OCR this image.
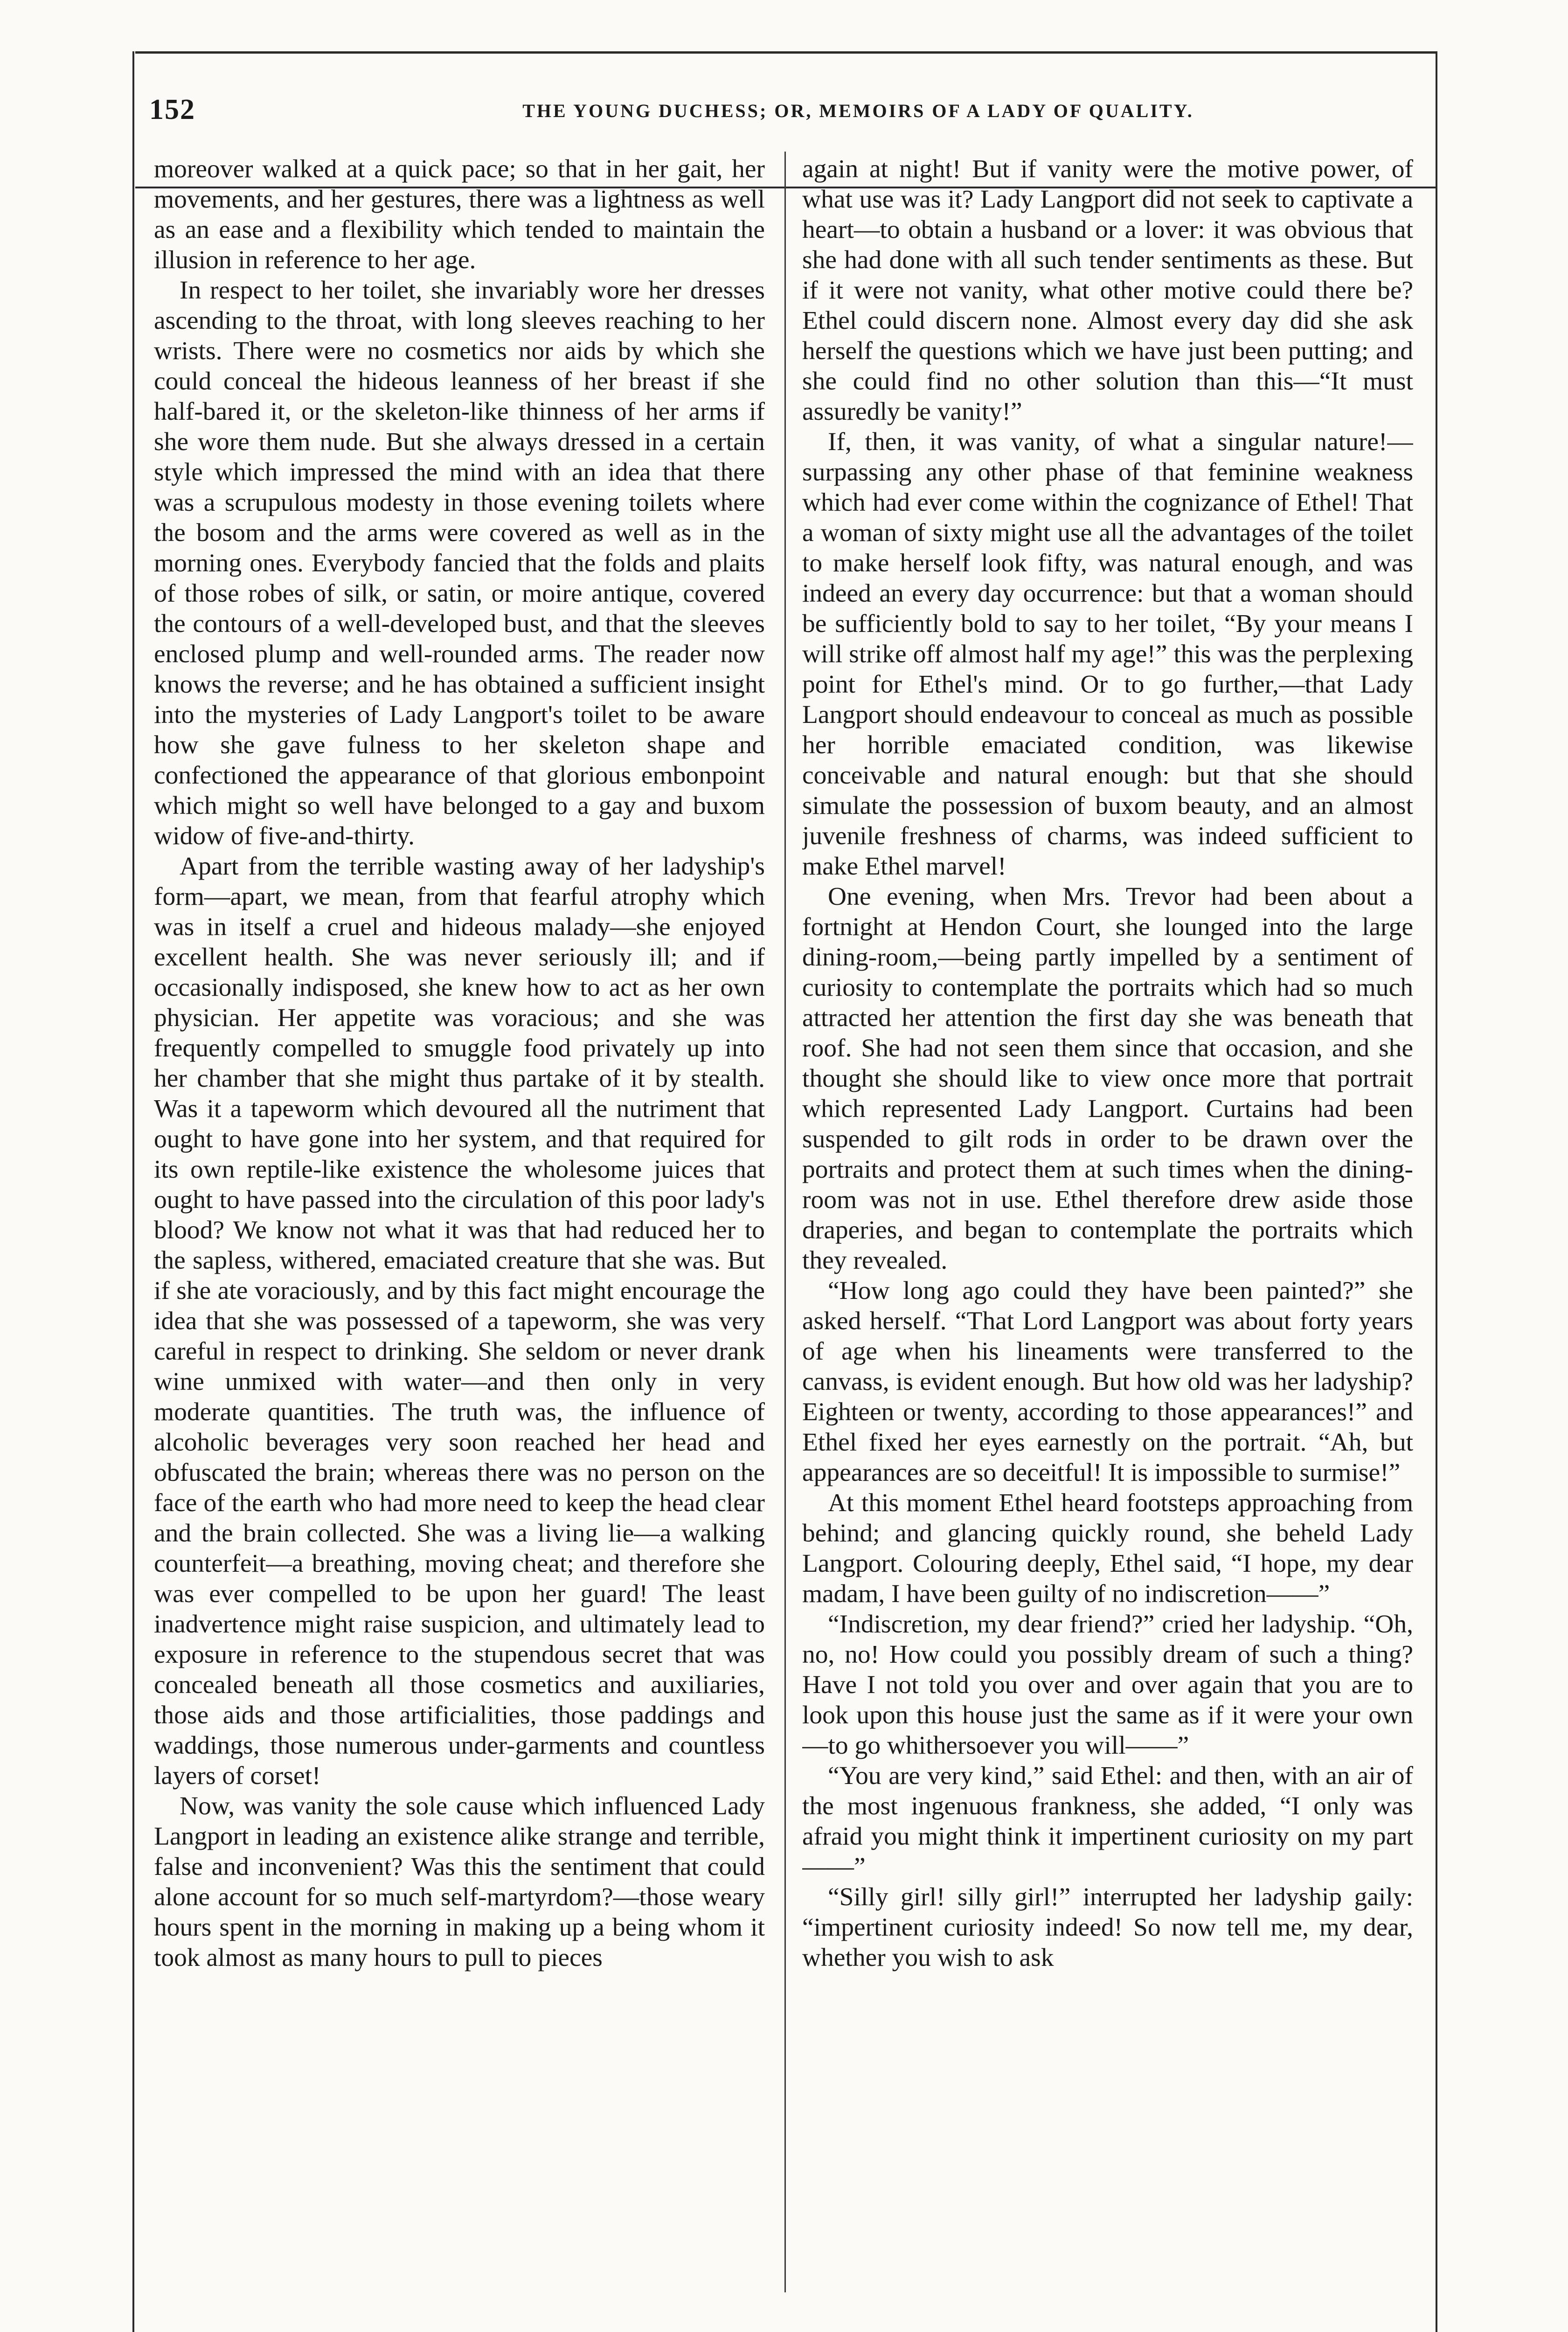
152	THE YOUNG DUCHESS; OR, MEMOIRS OF A LADY OF QUALITY.

moreover walked at a quick pace; so that in her gait, her movements, and her gestures, there was a lightness as well as an ease and a flexibility which tended to maintain the illusion in reference to her age.

In respect to her toilet, she invariably wore her dresses ascending to the throat, with long sleeves reaching to her wrists. There were no cosmetics nor aids by which she could conceal the hideous leanness of her breast if she half-bared it, or the skeleton-like thinness of her arms if she wore them nude. But she always dressed in a certain style which impressed the mind with an idea that there was a scrupulous modesty in those evening toilets where the bosom and the arms were covered as well as in the morning ones. Everybody fancied that the folds and plaits of those robes of silk, or satin, or moire antique, covered the contours of a well-developed bust, and that the sleeves enclosed plump and well-rounded arms. The reader now knows the reverse; and he has obtained a sufficient insight into the mysteries of Lady Langport's toilet to be aware how she gave fulness to her skeleton shape and confectioned the appearance of that glorious embonpoint which might so well have belonged to a gay and buxom widow of five-and-thirty.

Apart from the terrible wasting away of her ladyship's form—apart, we mean, from that fearful atrophy which was in itself a cruel and hideous malady—she enjoyed excellent health. She was never seriously ill; and if occasionally indisposed, she knew how to act as her own physician. Her appetite was voracious; and she was frequently compelled to smuggle food privately up into her chamber that she might thus partake of it by stealth. Was it a tapeworm which devoured all the nutriment that ought to have gone into her system, and that required for its own reptile-like existence the wholesome juices that ought to have passed into the circulation of this poor lady's blood? We know not what it was that had reduced her to the sapless, withered, emaciated creature that she was. But if she ate voraciously, and by this fact might encourage the idea that she was possessed of a tapeworm, she was very careful in respect to drinking. She seldom or never drank wine unmixed with water—and then only in very moderate quantities. The truth was, the influence of alcoholic beverages very soon reached her head and obfuscated the brain; whereas there was no person on the face of the earth who had more need to keep the head clear and the brain collected. She was a living lie—a walking counterfeit—a breathing, moving cheat; and therefore she was ever compelled to be upon her guard! The least inadvertence might raise suspicion, and ultimately lead to exposure in reference to the stupendous secret that was concealed beneath all those cosmetics and auxiliaries, those aids and those artificialities, those paddings and waddings, those numerous under-garments and countless layers of corset!

Now, was vanity the sole cause which influenced Lady Langport in leading an existence alike strange and terrible, false and inconvenient? Was this the sentiment that could alone account for so much self-martyrdom?—those weary hours spent in the morning in making up a being whom it took almost as many hours to pull to pieces

again at night! But if vanity were the motive power, of what use was it? Lady Langport did not seek to captivate a heart—to obtain a husband or a lover: it was obvious that she had done with all such tender sentiments as these. But if it were not vanity, what other motive could there be? Ethel could discern none. Almost every day did she ask herself the questions which we have just been putting; and she could find no other solution than this—“It must assuredly be vanity!”

If, then, it was vanity, of what a singular nature!—surpassing any other phase of that feminine weakness which had ever come within the cognizance of Ethel! That a woman of sixty might use all the advantages of the toilet to make herself look fifty, was natural enough, and was indeed an every day occurrence: but that a woman should be sufficiently bold to say to her toilet, “By your means I will strike off almost half my age!” this was the perplexing point for Ethel's mind. Or to go further,—that Lady Langport should endeavour to conceal as much as possible her horrible emaciated condition, was likewise conceivable and natural enough: but that she should simulate the possession of buxom beauty, and an almost juvenile freshness of charms, was indeed sufficient to make Ethel marvel!

One evening, when Mrs. Trevor had been about a fortnight at Hendon Court, she lounged into the large dining-room,—being partly impelled by a sentiment of curiosity to contemplate the portraits which had so much attracted her attention the first day she was beneath that roof. She had not seen them since that occasion, and she thought she should like to view once more that portrait which represented Lady Langport. Curtains had been suspended to gilt rods in order to be drawn over the portraits and protect them at such times when the dining-room was not in use. Ethel therefore drew aside those draperies, and began to contemplate the portraits which they revealed.

“How long ago could they have been painted?” she asked herself. “That Lord Langport was about forty years of age when his lineaments were transferred to the canvass, is evident enough. But how old was her ladyship? Eighteen or twenty, according to those appearances!” and Ethel fixed her eyes earnestly on the portrait. “Ah, but appearances are so deceitful! It is impossible to surmise!”

At this moment Ethel heard footsteps approaching from behind; and glancing quickly round, she beheld Lady Langport. Colouring deeply, Ethel said, “I hope, my dear madam, I have been guilty of no indiscretion——”

“Indiscretion, my dear friend?” cried her ladyship. “Oh, no, no! How could you possibly dream of such a thing? Have I not told you over and over again that you are to look upon this house just the same as if it were your own—to go whithersoever you will——”

“You are very kind,” said Ethel: and then, with an air of the most ingenuous frankness, she added, “I only was afraid you might think it impertinent curiosity on my part——”

“Silly girl! silly girl!” interrupted her ladyship gaily: “impertinent curiosity indeed! So now tell me, my dear, whether you wish to ask
